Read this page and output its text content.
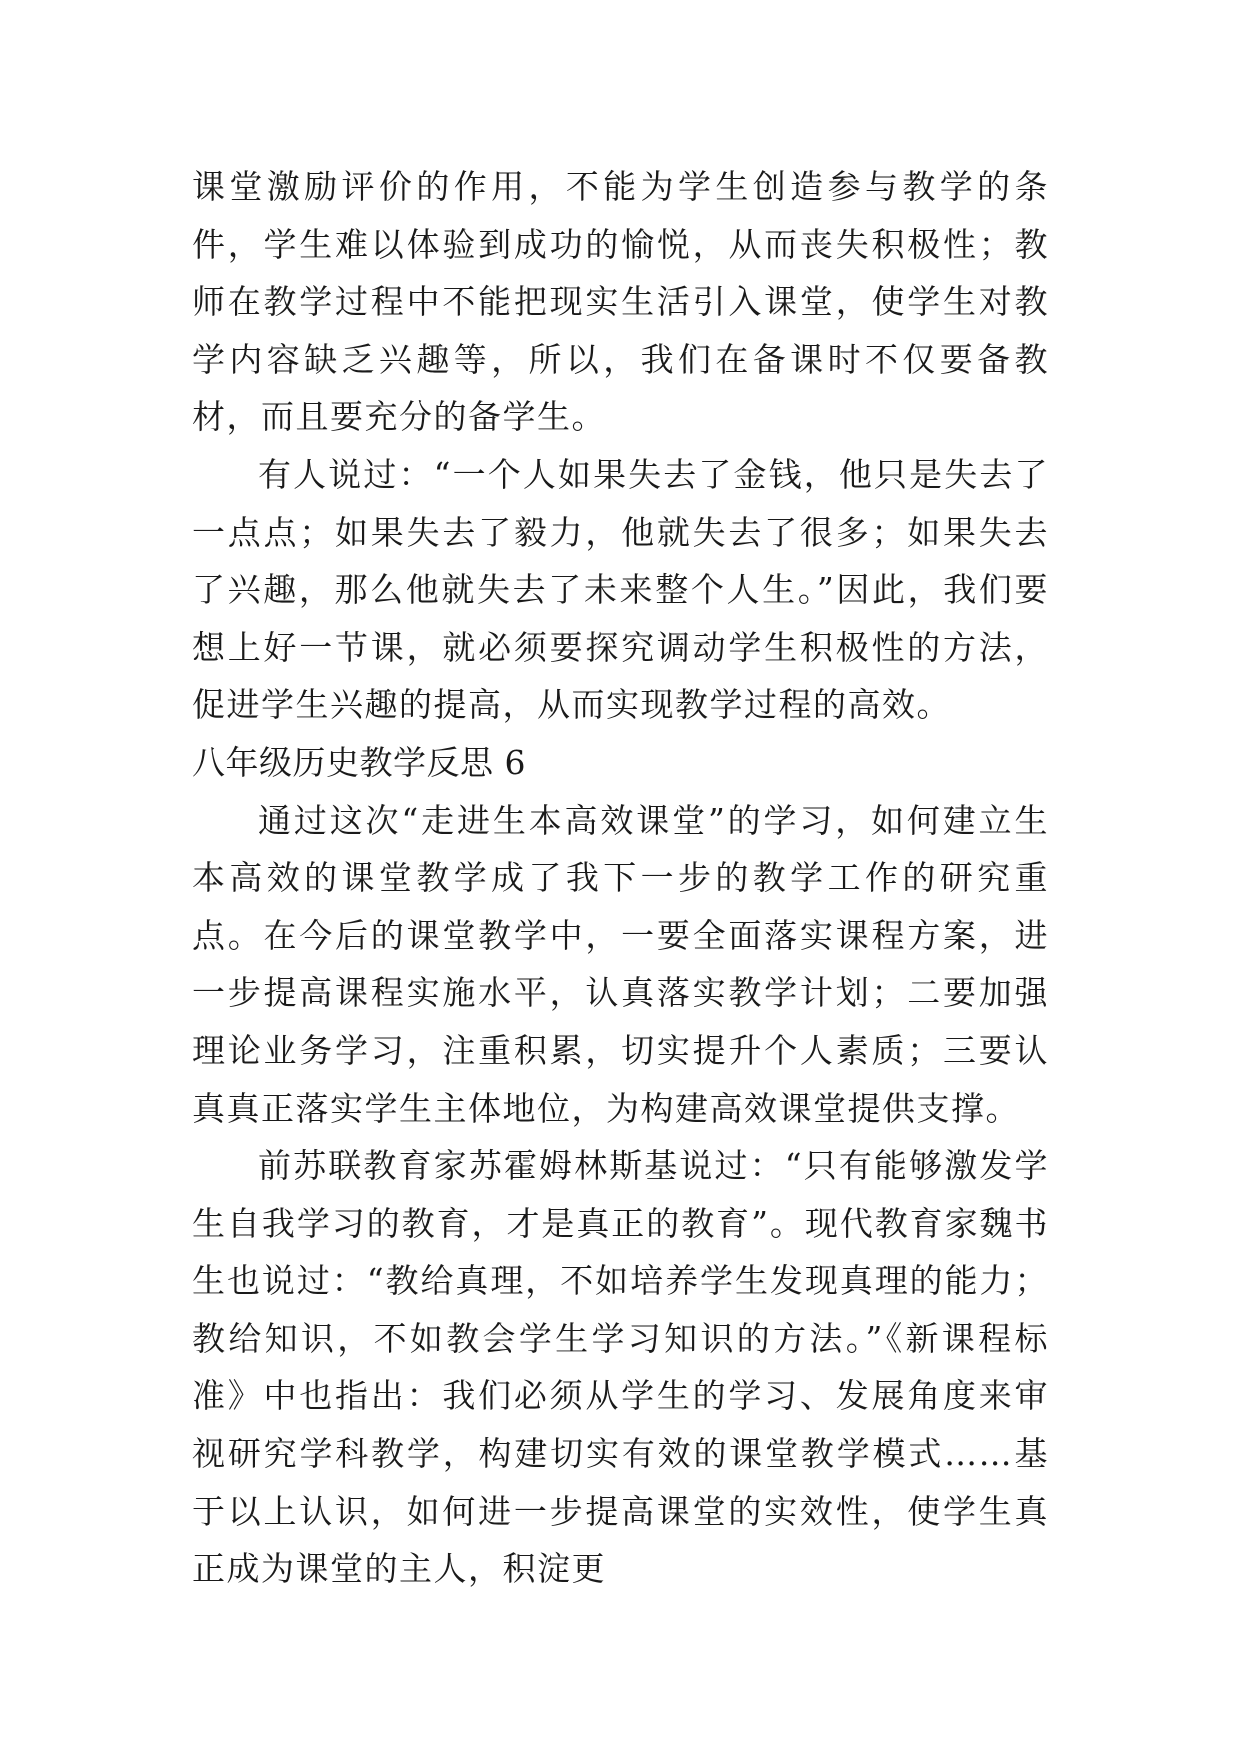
课堂激励评价的作用，不能为学生创造参与教学的条件，学生难以体验到成功的愉悦，从而丧失积极性；教师在教学过程中不能把现实生活引入课堂，使学生对教学内容缺乏兴趣等，所以，我们在备课时不仅要备教材，而且要充分的备学生。

有人说过：“一个人如果失去了金钱，他只是失去了一点点；如果失去了毅力，他就失去了很多；如果失去了兴趣，那么他就失去了未来整个人生。”因此，我们要想上好一节课，就必须要探究调动学生积极性的方法，促进学生兴趣的提高，从而实现教学过程的高效。

八年级历史教学反思 6

通过这次“走进生本高效课堂”的学习，如何建立生本高效的课堂教学成了我下一步的教学工作的研究重点。在今后的课堂教学中，一要全面落实课程方案，进一步提高课程实施水平，认真落实教学计划；二要加强理论业务学习，注重积累，切实提升个人素质；三要认真真正落实学生主体地位，为构建高效课堂提供支撑。

前苏联教育家苏霍姆林斯基说过：“只有能够激发学生自我学习的教育，才是真正的教育”。现代教育家魏书生也说过：“教给真理，不如培养学生发现真理的能力；教给知识，不如教会学生学习知识的方法。”《新课程标准》中也指出：我们必须从学生的学习、发展角度来审视研究学科教学，构建切实有效的课堂教学模式……基于以上认识，如何进一步提高课堂的实效性，使学生真正成为课堂的主人，积淀更
